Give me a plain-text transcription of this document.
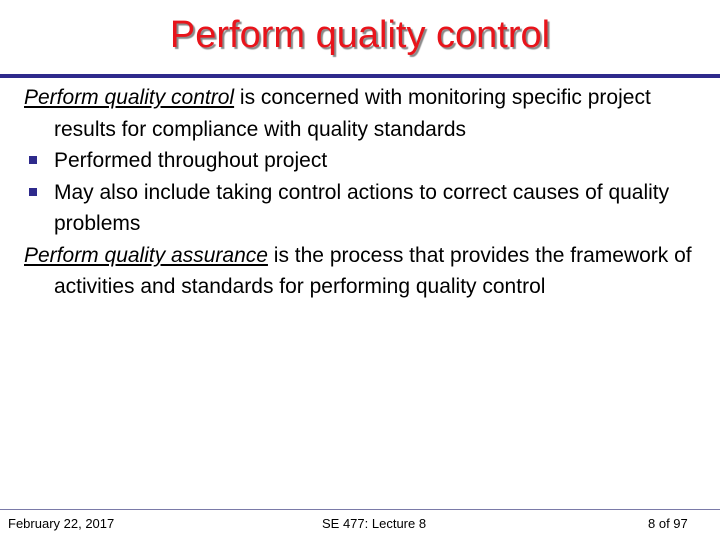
Perform quality control

Perform quality control is concerned with monitoring specific project results for compliance with quality standards

Performed throughout project

May also include taking control actions to correct causes of quality problems

Perform quality assurance is the process that provides the framework of activities and standards for performing quality control

February 22, 2017	SE 477: Lecture 8	8 of 97
